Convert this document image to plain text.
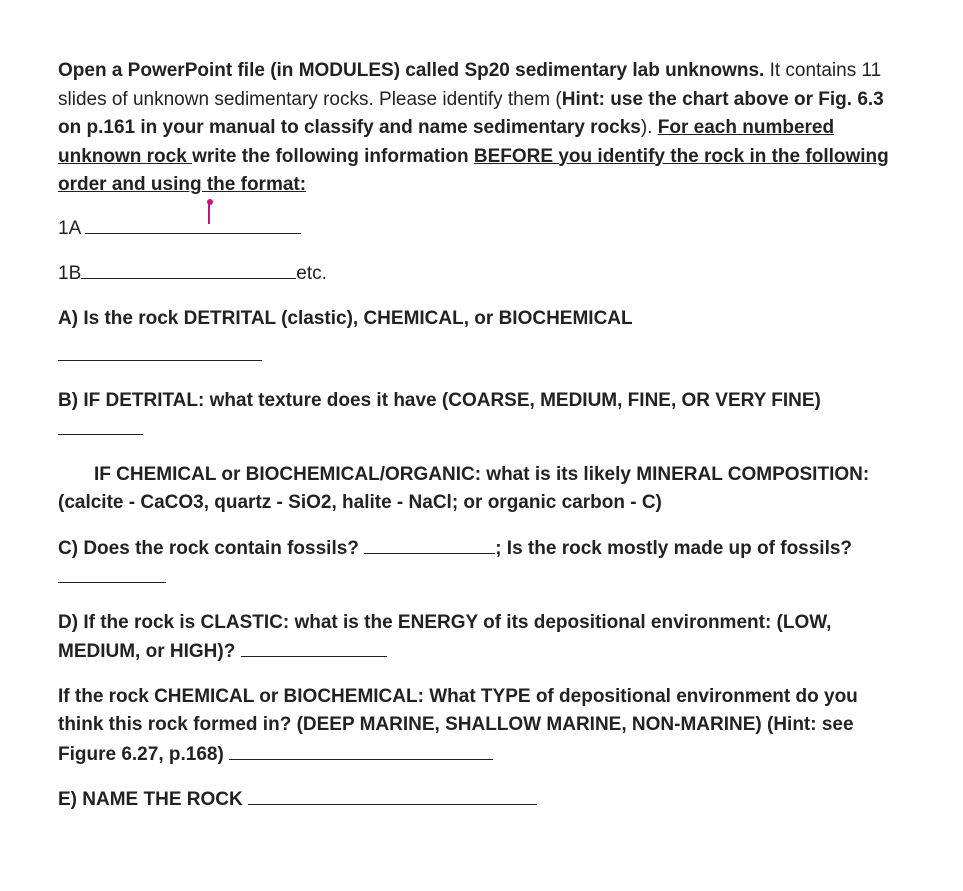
Open a PowerPoint file (in MODULES) called Sp20 sedimentary lab unknowns. It contains 11 slides of unknown sedimentary rocks. Please identify them (Hint: use the chart above or Fig. 6.3 on p.161 in your manual to classify and name sedimentary rocks). For each numbered unknown rock write the following information BEFORE you identify the rock in the following order and using the format:

1A

1B	etc.

A) Is the rock DETRITAL (clastic), CHEMICAL, or BIOCHEMICAL

B) IF DETRITAL: what texture does it have (COARSE, MEDIUM, FINE, OR VERY FINE)

IF CHEMICAL or BIOCHEMICAL/ORGANIC: what is its likely MINERAL COMPOSITION: (calcite - CaCO3, quartz - SiO2, halite - NaCl; or organic carbon - C)

C) Does the rock contain fossils?	; Is the rock mostly made up of fossils?

D) If the rock is CLASTIC: what is the ENERGY of its depositional environment: (LOW, MEDIUM, or HIGH)?

If the rock CHEMICAL or BIOCHEMICAL: What TYPE of depositional environment do you think this rock formed in? (DEEP MARINE, SHALLOW MARINE, NON-MARINE) (Hint: see Figure 6.27, p.168)

E) NAME THE ROCK
